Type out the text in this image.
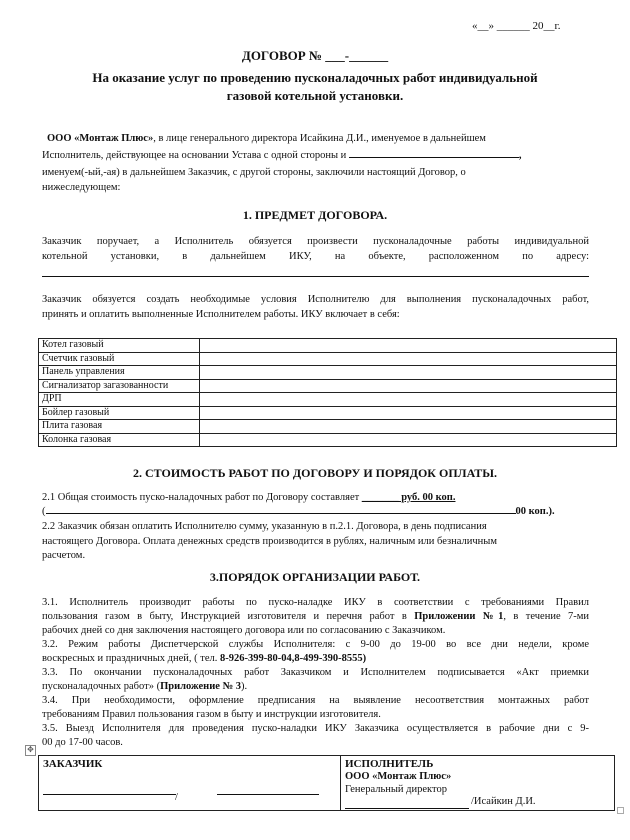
«__» ______ 20__г.
ДОГОВОР № ___-______
На оказание услуг по проведению пусконаладочных работ индивидуальной
газовой котельной установки.
ООО «Монтаж Плюс», в лице генерального директора Исайкина Д.И., именуемое в дальнейшем
Исполнитель, действующее на основании Устава с одной стороны и	,
именуем(-ый,-ая) в дальнейшем Заказчик, с другой стороны, заключили настоящий Договор, о
нижеследующем:
1. ПРЕДМЕТ ДОГОВОРА.
Заказчик поручает, а Исполнитель обязуется произвести пусконаладочные работы индивидуальной
котельной установки, в дальнейшем ИКУ, на объекте, расположенном по адресу:
Заказчик обязуется создать необходимые условия Исполнителю для выполнения пусконаладочных работ,
принять и оплатить выполненные Исполнителем работы. ИКУ включает в себя:
Котел газовый	
Счетчик газовый	
Панель управления	
Сигнализатор загазованности	
ДРП	
Бойлер газовый	
Плита газовая	
Колонка газовая	
2. СТОИМОСТЬ РАБОТ ПО ДОГОВОРУ И ПОРЯДОК ОПЛАТЫ.
2.1 Общая стоимость пуско-наладочных работ по Договору составляет _______ руб. 00 коп.
(	00 коп.).
2.2 Заказчик обязан оплатить Исполнителю сумму, указанную в п.2.1. Договора, в день подписания
настоящего Договора. Оплата денежных средств производится в рублях, наличным или безналичным
расчетом.
3.ПОРЯДОК ОРГАНИЗАЦИИ РАБОТ.
3.1. Исполнитель производит работы по пуско-наладке ИКУ в соответствии с требованиями Правил
пользования газом в быту, Инструкцией изготовителя и перечня работ в Приложении №1, в течение 7-ми
рабочих дней со дня заключения настоящего договора или по согласованию с Заказчиком.
3.2. Режим работы Диспетчерской службы Исполнителя: с 9-00 до 19-00 во все дни недели, кроме
воскресных и праздничных дней, ( тел. 8-926-399-80-04,8-499-390-8555)
3.3. По окончании пусконаладочных работ Заказчиком и Исполнителем подписывается «Акт приемки
пусконаладочных работ» (Приложение № 3).
3.4. При необходимости, оформление предписания на выявление несоответствия монтажных работ
требованиям Правил пользования газом в быту и инструкции изготовителя.
3.5. Выезд Исполнителя для проведения пуско-наладки ИКУ Заказчика осуществляется в рабочие дни с 9-
00 до 17-00 часов.
✥
ЗАКАЗЧИК
/

ИСПОЛНИТЕЛЬ
ООО «Монтаж Плюс»
Генеральный директор
/Исайкин Д.И.
